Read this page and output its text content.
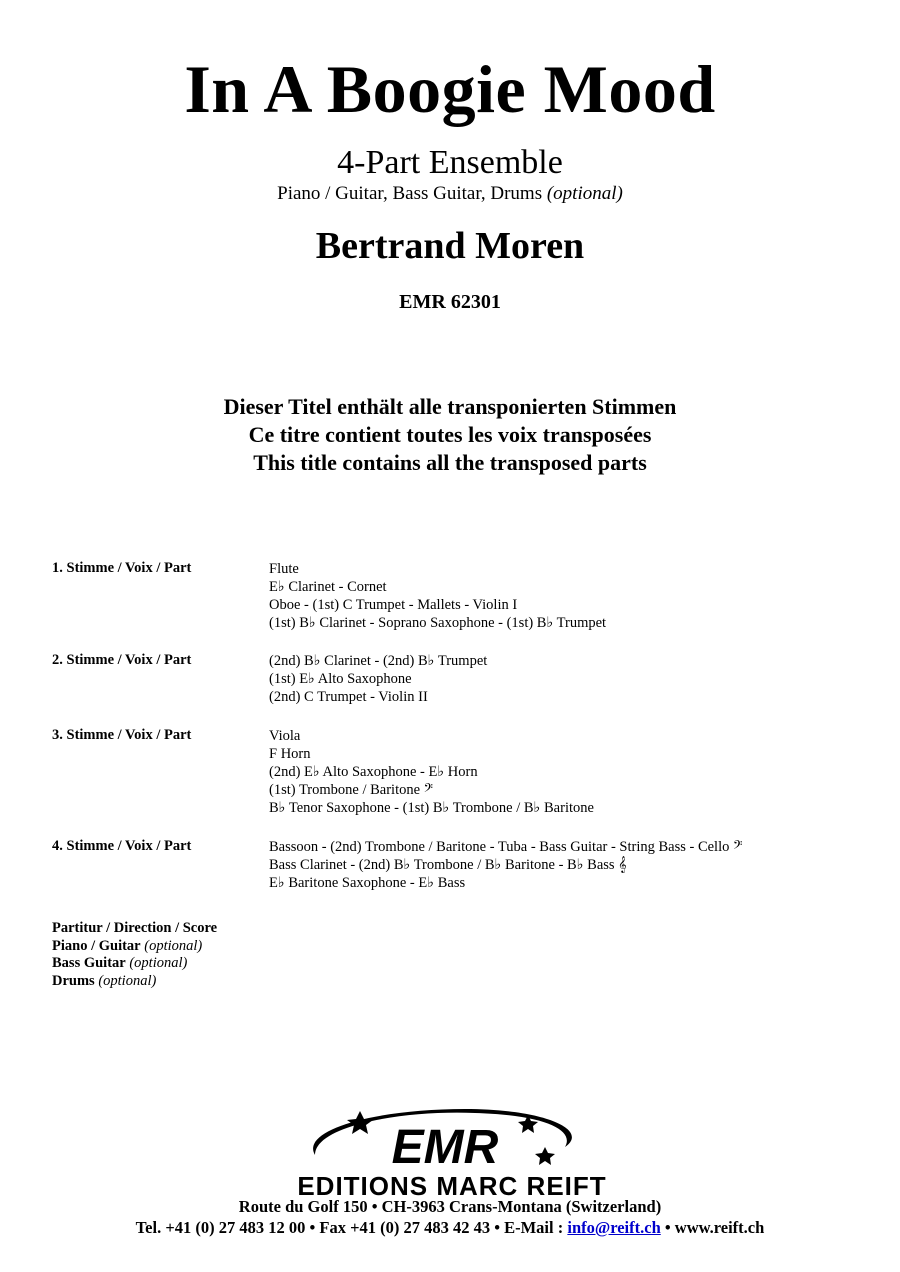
In A Boogie Mood
4-Part Ensemble
Piano / Guitar, Bass Guitar, Drums (optional)
Bertrand Moren
EMR 62301
Dieser Titel enthält alle transponierten Stimmen
Ce titre contient toutes les voix transposées
This title contains all the transposed parts
1. Stimme / Voix / Part	Flute
E♭ Clarinet - Cornet
Oboe - (1st) C Trumpet - Mallets - Violin I
(1st) B♭ Clarinet - Soprano Saxophone - (1st) B♭ Trumpet
2. Stimme / Voix / Part	(2nd) B♭ Clarinet - (2nd) B♭ Trumpet
(1st) E♭ Alto Saxophone
(2nd) C Trumpet - Violin II
3. Stimme / Voix / Part	Viola
F Horn
(2nd) E♭ Alto Saxophone - E♭ Horn
(1st) Trombone / Baritone 𝄢
B♭ Tenor Saxophone - (1st) B♭ Trombone / B♭ Baritone
4. Stimme / Voix / Part	Bassoon - (2nd) Trombone / Baritone - Tuba - Bass Guitar - String Bass - Cello 𝄢
Bass Clarinet - (2nd) B♭ Trombone / B♭ Baritone - B♭ Bass 𝄞
E♭ Baritone Saxophone - E♭ Bass
Partitur / Direction / Score
Piano / Guitar (optional)
Bass Guitar (optional)
Drums (optional)
EMR
EDITIONS MARC REIFT
Route du Golf 150 • CH-3963 Crans-Montana (Switzerland)
Tel. +41 (0) 27 483 12 00 • Fax +41 (0) 27 483 42 43 • E-Mail : info@reift.ch • www.reift.ch
